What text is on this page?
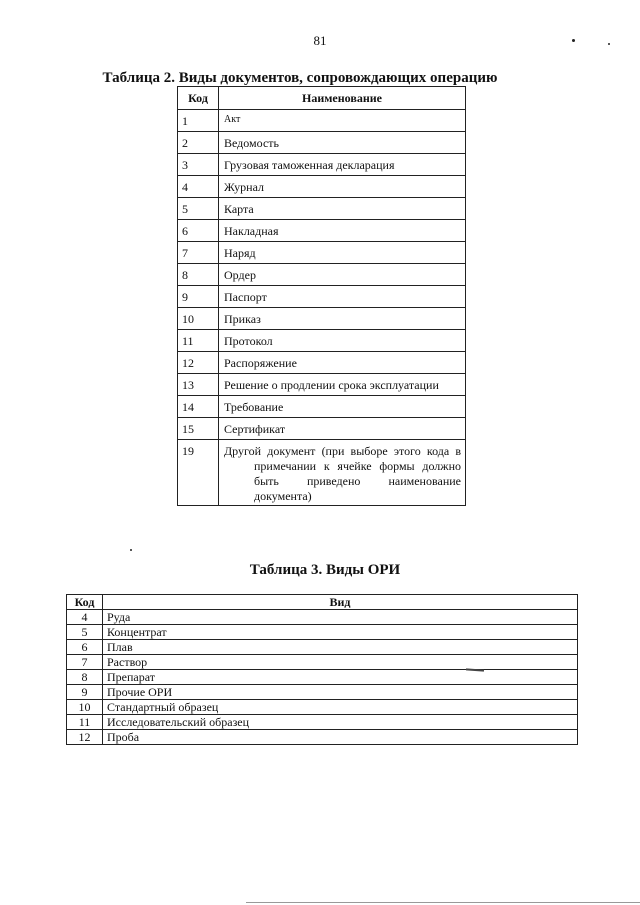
81
Таблица 2. Виды документов, сопровождающих операцию
Код	Наименование
1	Акт
2	Ведомость
3	Грузовая таможенная декларация
4	Журнал
5	Карта
6	Накладная
7	Наряд
8	Ордер
9	Паспорт
10	Приказ
11	Протокол
12	Распоряжение
13	Решение о продлении срока эксплуатации
14	Требование
15	Сертификат
19	Другой документ (при выборе этого кода в примечании к ячейке формы должно быть приведено наименование документа)
Таблица 3. Виды ОРИ
Код	Вид
4	Руда
5	Концентрат
6	Плав
7	Раствор
8	Препарат
9	Прочие ОРИ
10	Стандартный образец
11	Исследовательский образец
12	Проба
